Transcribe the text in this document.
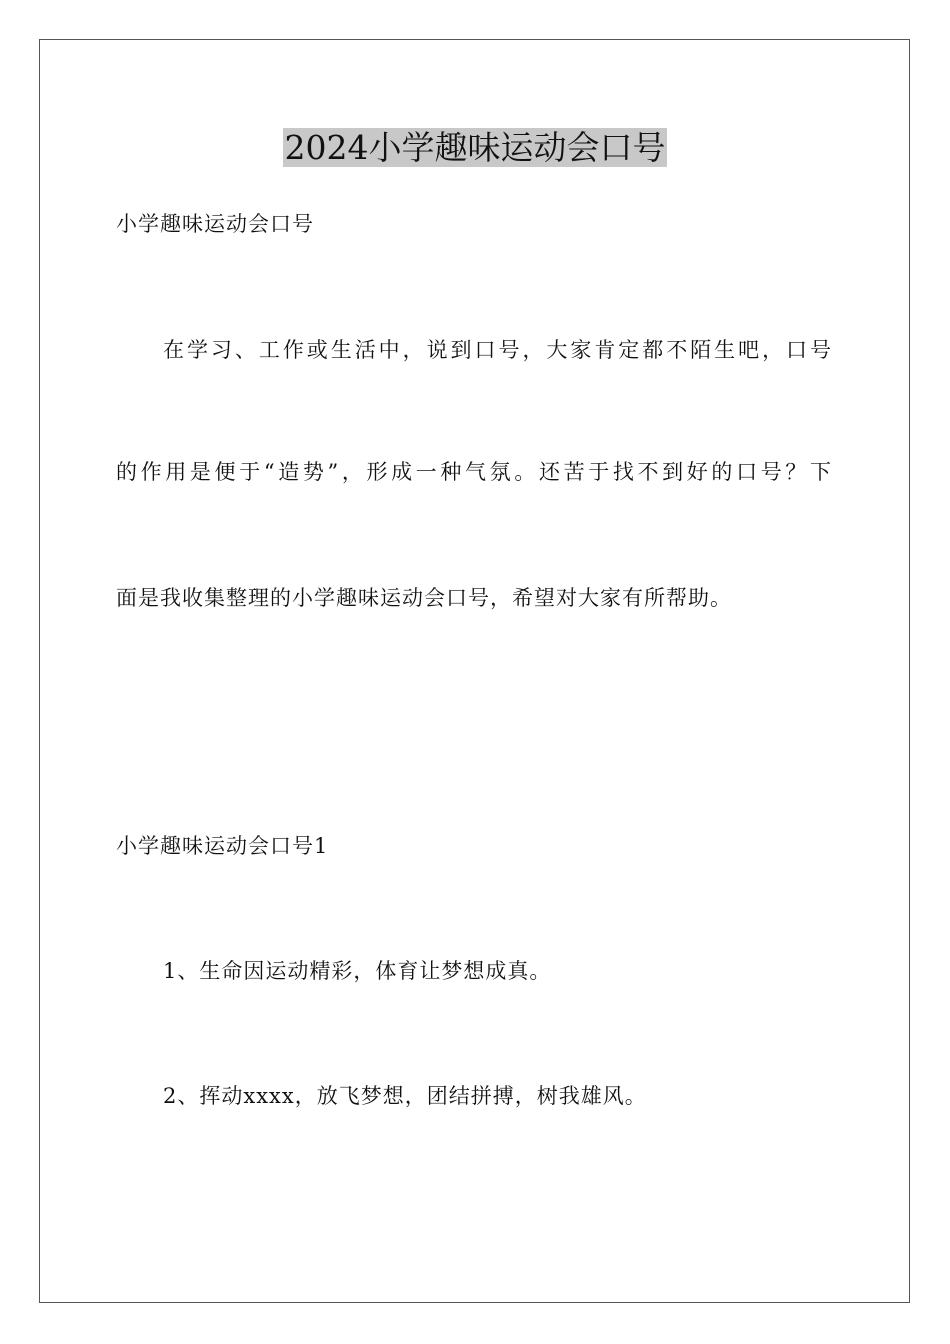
2024小学趣味运动会口号
小学趣味运动会口号
在学习、工作或生活中，说到口号，大家肯定都不陌生吧，口号
的作用是便于“造势”，形成一种气氛。还苦于找不到好的口号？下
面是我收集整理的小学趣味运动会口号，希望对大家有所帮助。
小学趣味运动会口号1
1、生命因运动精彩，体育让梦想成真。
2、挥动xxxx，放飞梦想，团结拼搏，树我雄风。
